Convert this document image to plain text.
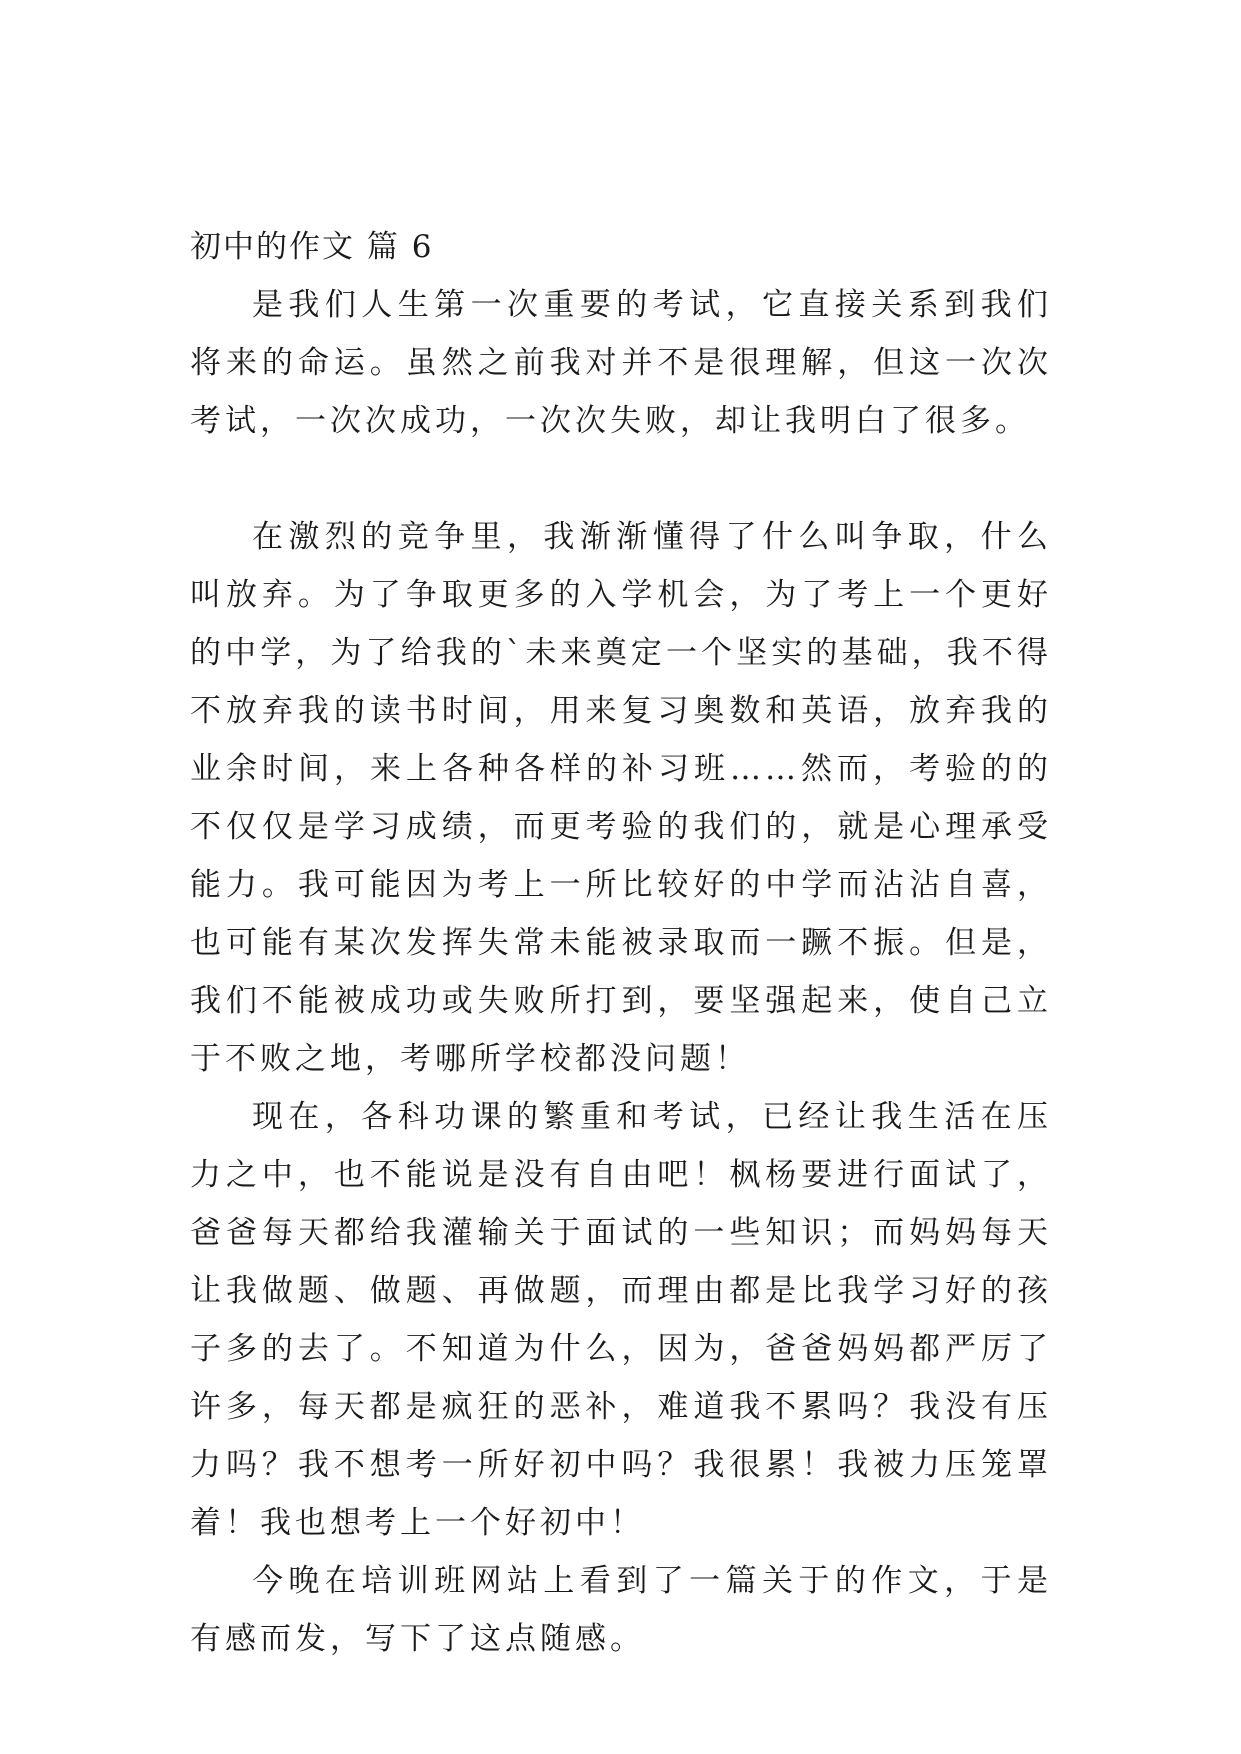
初中的作文 篇 6

是我们人生第一次重要的考试，它直接关系到我们将来的命运。虽然之前我对并不是很理解，但这一次次考试，一次次成功，一次次失败，却让我明白了很多。

在激烈的竞争里，我渐渐懂得了什么叫争取，什么叫放弃。为了争取更多的入学机会，为了考上一个更好的中学，为了给我的`未来奠定一个坚实的基础，我不得不放弃我的读书时间，用来复习奥数和英语，放弃我的业余时间，来上各种各样的补习班……然而，考验的的不仅仅是学习成绩，而更考验的我们的，就是心理承受能力。我可能因为考上一所比较好的中学而沾沾自喜，也可能有某次发挥失常未能被录取而一蹶不振。但是，我们不能被成功或失败所打到，要坚强起来，使自己立于不败之地，考哪所学校都没问题！

现在，各科功课的繁重和考试，已经让我生活在压力之中，也不能说是没有自由吧！枫杨要进行面试了，爸爸每天都给我灌输关于面试的一些知识；而妈妈每天让我做题、做题、再做题，而理由都是比我学习好的孩子多的去了。不知道为什么，因为，爸爸妈妈都严厉了许多，每天都是疯狂的恶补，难道我不累吗？我没有压力吗？我不想考一所好初中吗？我很累！我被力压笼罩着！我也想考上一个好初中！

今晚在培训班网站上看到了一篇关于的作文，于是有感而发，写下了这点随感。
